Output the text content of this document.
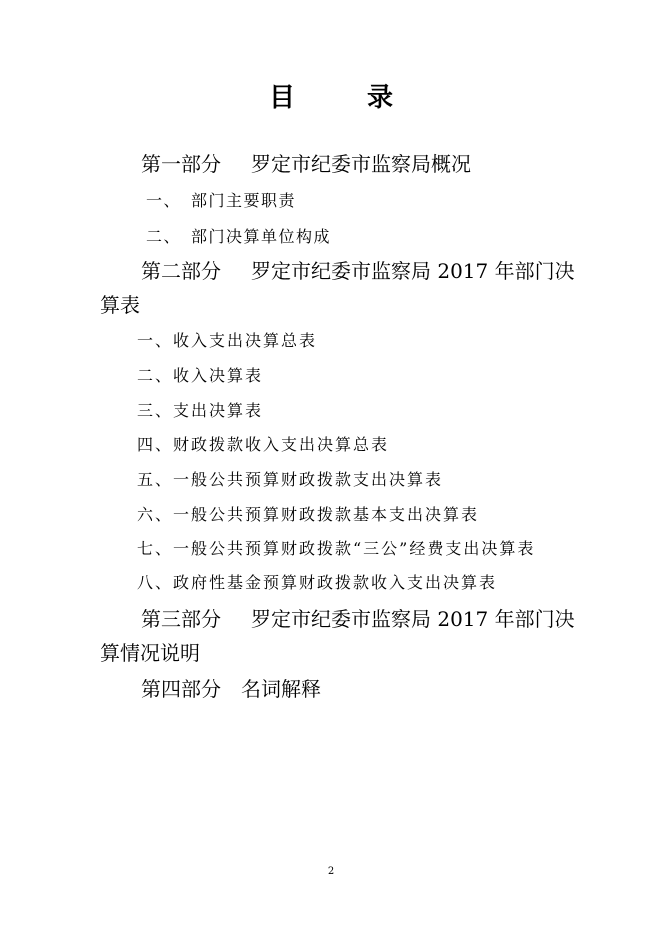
目	录
第一部分 罗定市纪委市监察局概况
一、 部门主要职责
二、 部门决算单位构成
第二部分 罗定市纪委市监察局 2017 年部门决
算表
一、收入支出决算总表
二、收入决算表
三、支出决算表
四、财政拨款收入支出决算总表
五、一般公共预算财政拨款支出决算表
六、一般公共预算财政拨款基本支出决算表
七、一般公共预算财政拨款“三公”经费支出决算表
八、政府性基金预算财政拨款收入支出决算表
第三部分 罗定市纪委市监察局 2017 年部门决
算情况说明
第四部分 名词解释
2
